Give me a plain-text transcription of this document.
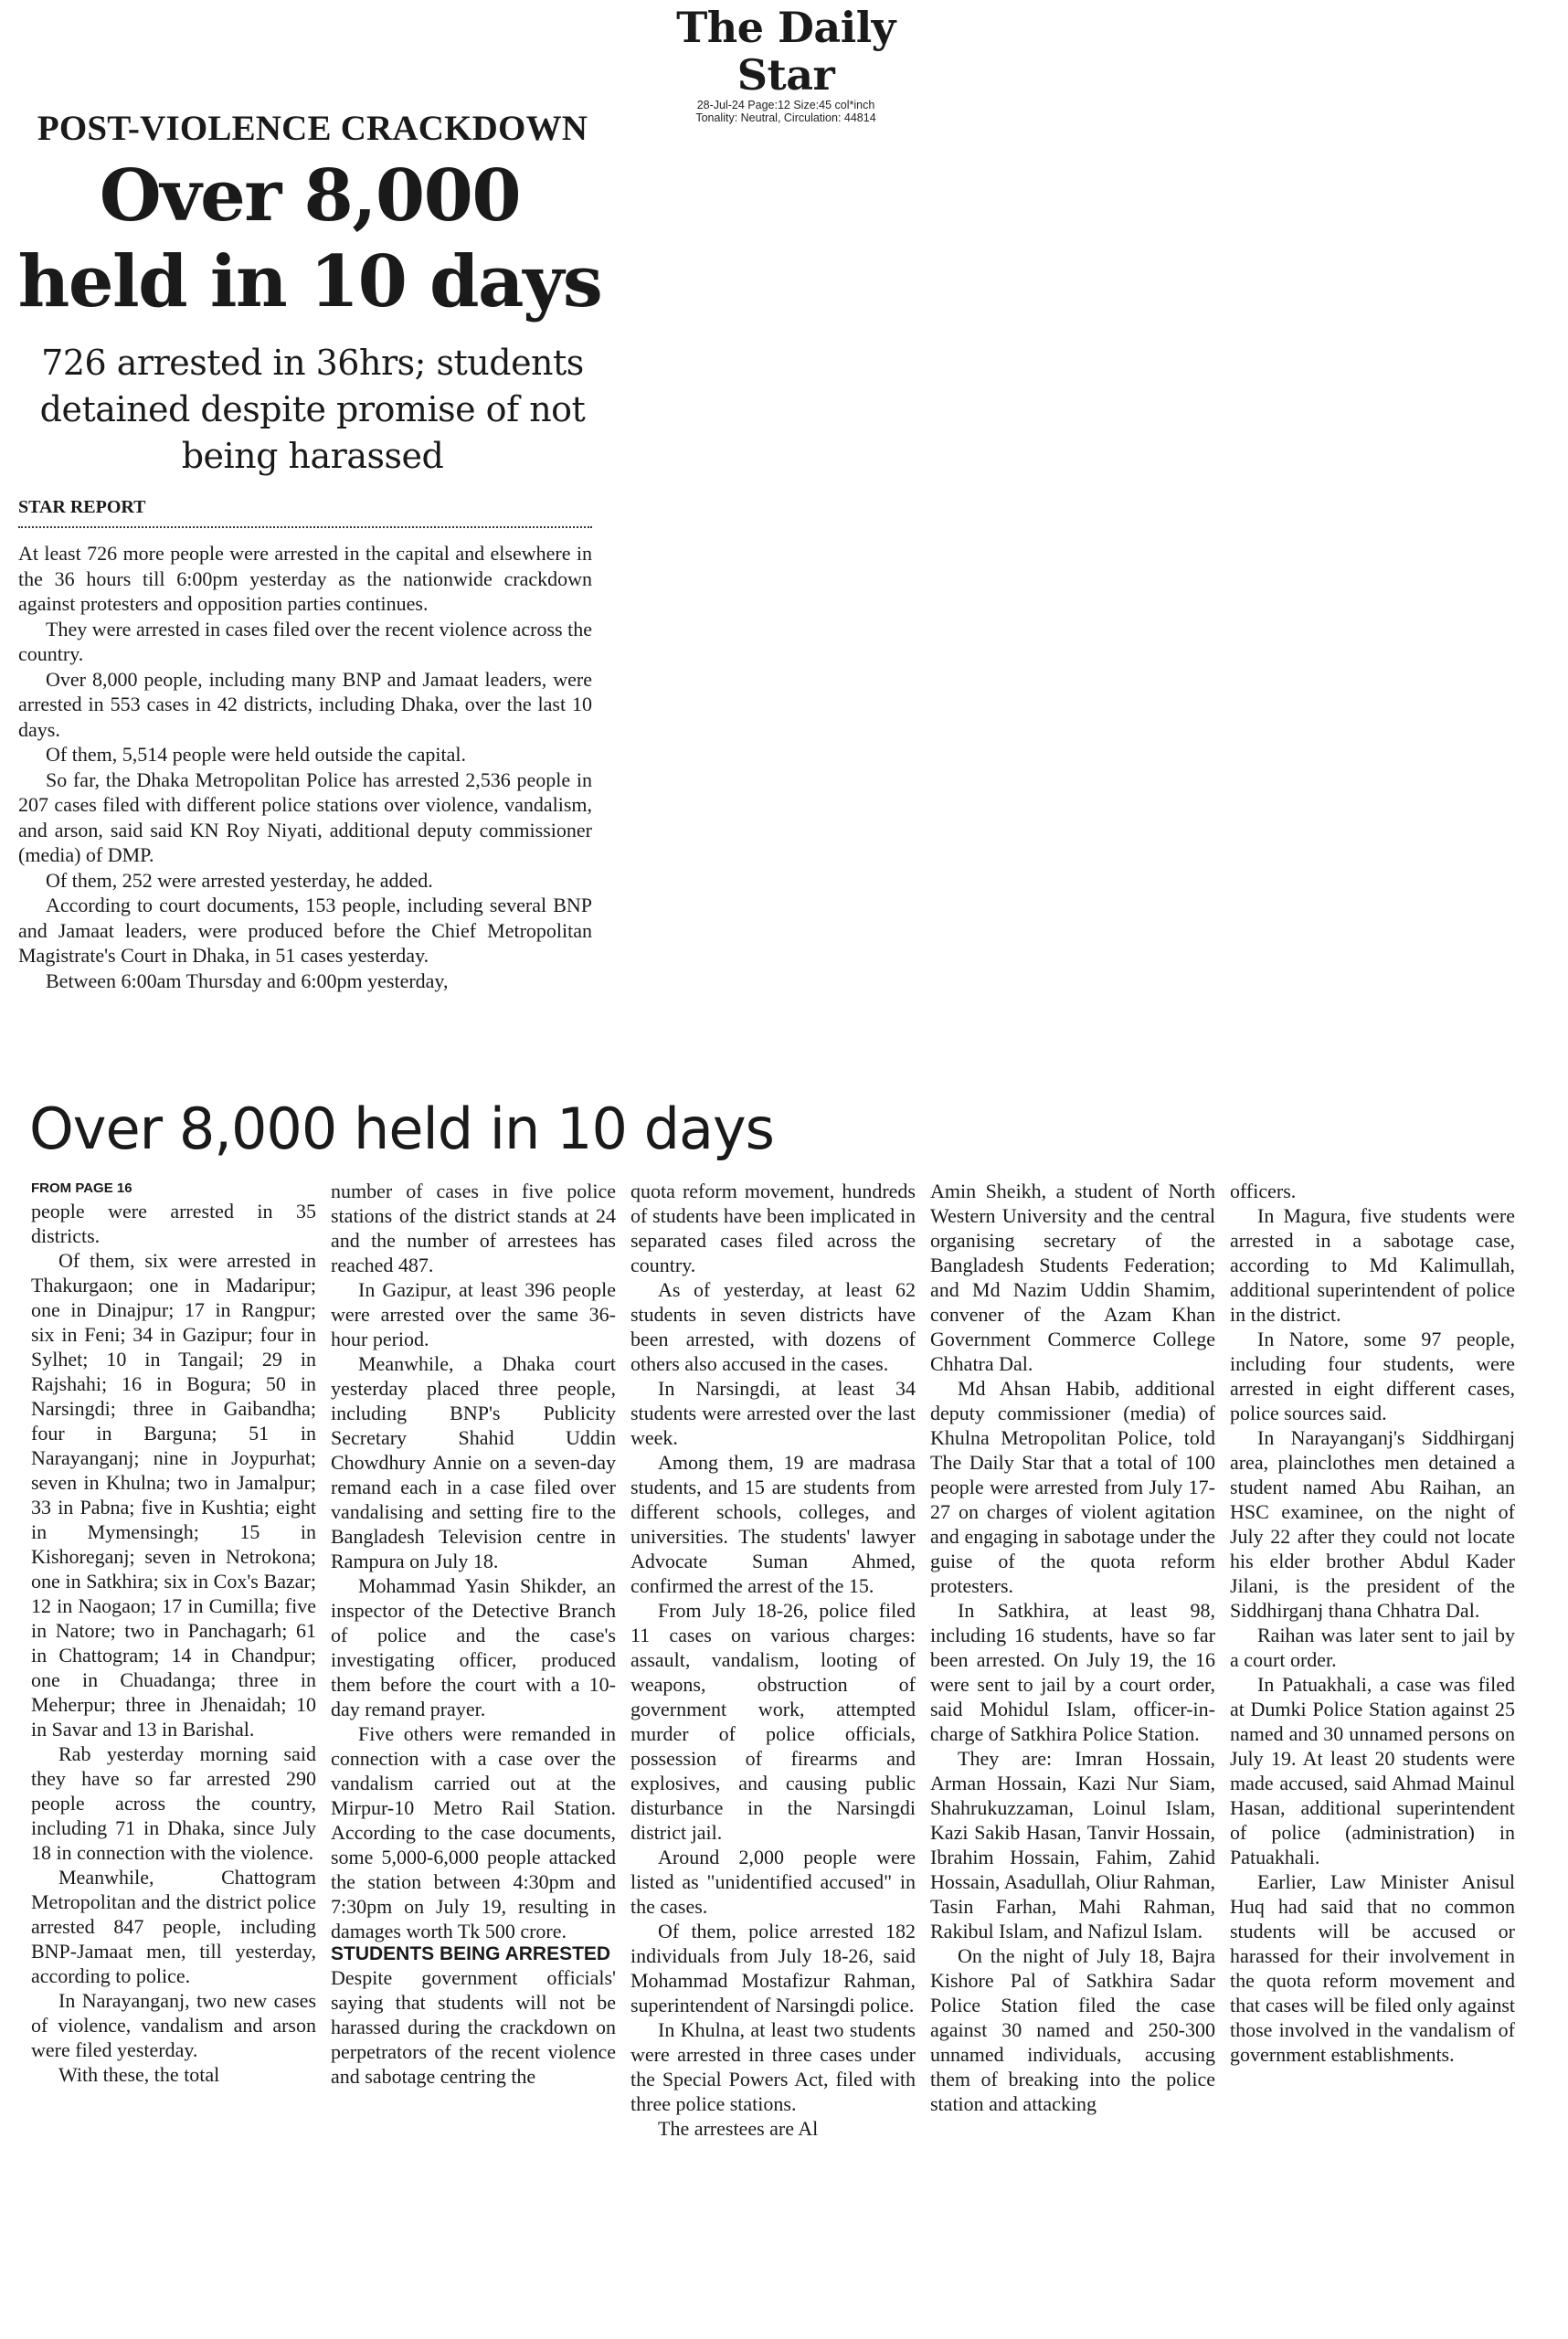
The Daily Star
28-Jul-24 Page:12 Size:45 col*inch
Tonality: Neutral, Circulation: 44814
POST-VIOLENCE CRACKDOWN
Over 8,000 held in 10 days
726 arrested in 36hrs; students detained despite promise of not being harassed
STAR REPORT

At least 726 more people were arrested in the capital and elsewhere in the 36 hours till 6:00pm yesterday as the nationwide crackdown against protesters and opposition parties continues.

They were arrested in cases filed over the recent violence across the country.

Over 8,000 people, including many BNP and Jamaat leaders, were arrested in 553 cases in 42 districts, including Dhaka, over the last 10 days.

Of them, 5,514 people were held outside the capital.

So far, the Dhaka Metropolitan Police has arrested 2,536 people in 207 cases filed with different police stations over violence, vandalism, and arson, said said KN Roy Niyati, additional deputy commissioner (media) of DMP.

Of them, 252 were arrested yesterday, he added.

According to court documents, 153 people, including several BNP and Jamaat leaders, were produced before the Chief Metropolitan Magistrate's Court in Dhaka, in 51 cases yesterday.

Between 6:00am Thursday and 6:00pm yesterday,

Over 8,000 held in 10 days
FROM PAGE 16

people were arrested in 35 districts.

Of them, six were arrested in Thakurgaon; one in Madaripur; one in Dinajpur; 17 in Rangpur; six in Feni; 34 in Gazipur; four in Sylhet; 10 in Tangail; 29 in Rajshahi; 16 in Bogura; 50 in Narsingdi; three in Gaibandha; four in Barguna; 51 in Narayanganj; nine in Joypurhat; seven in Khulna; two in Jamalpur; 33 in Pabna; five in Kushtia; eight in Mymensingh; 15 in Kishoreganj; seven in Netrokona; one in Satkhira; six in Cox's Bazar; 12 in Naogaon; 17 in Cumilla; five in Natore; two in Panchagarh; 61 in Chattogram; 14 in Chandpur; one in Chuadanga; three in Meherpur; three in Jhenaidah; 10 in Savar and 13 in Barishal.

Rab yesterday morning said they have so far arrested 290 people across the country, including 71 in Dhaka, since July 18 in connection with the violence.

Meanwhile, Chattogram Metropolitan and the district police arrested 847 people, including BNP-Jamaat men, till yesterday, according to police.

In Narayanganj, two new cases of violence, vandalism and arson were filed yesterday.

With these, the total

number of cases in five police stations of the district stands at 24 and the number of arrestees has reached 487.

In Gazipur, at least 396 people were arrested over the same 36-hour period.

Meanwhile, a Dhaka court yesterday placed three people, including BNP's Publicity Secretary Shahid Uddin Chowdhury Annie on a seven-day remand each in a case filed over vandalising and setting fire to the Bangladesh Television centre in Rampura on July 18.

Mohammad Yasin Shikder, an inspector of the Detective Branch of police and the case's investigating officer, produced them before the court with a 10-day remand prayer.

Five others were remanded in connection with a case over the vandalism carried out at the Mirpur-10 Metro Rail Station. According to the case documents, some 5,000-6,000 people attacked the station between 4:30pm and 7:30pm on July 19, resulting in damages worth Tk 500 crore.

STUDENTS BEING ARRESTED

Despite government officials' saying that students will not be harassed during the crackdown on perpetrators of the recent violence and sabotage centring the

quota reform movement, hundreds of students have been implicated in separated cases filed across the country.

As of yesterday, at least 62 students in seven districts have been arrested, with dozens of others also accused in the cases.

In Narsingdi, at least 34 students were arrested over the last week.

Among them, 19 are madrasa students, and 15 are students from different schools, colleges, and universities. The students' lawyer Advocate Suman Ahmed, confirmed the arrest of the 15.

From July 18-26, police filed 11 cases on various charges: assault, vandalism, looting of weapons, obstruction of government work, attempted murder of police officials, possession of firearms and explosives, and causing public disturbance in the Narsingdi district jail.

Around 2,000 people were listed as "unidentified accused" in the cases.

Of them, police arrested 182 individuals from July 18-26, said Mohammad Mostafizur Rahman, superintendent of Narsingdi police.

In Khulna, at least two students were arrested in three cases under the Special Powers Act, filed with three police stations.

The arrestees are Al

Amin Sheikh, a student of North Western University and the central organising secretary of the Bangladesh Students Federation; and Md Nazim Uddin Shamim, convener of the Azam Khan Government Commerce College Chhatra Dal.

Md Ahsan Habib, additional deputy commissioner (media) of Khulna Metropolitan Police, told The Daily Star that a total of 100 people were arrested from July 17-27 on charges of violent agitation and engaging in sabotage under the guise of the quota reform protesters.

In Satkhira, at least 98, including 16 students, have so far been arrested. On July 19, the 16 were sent to jail by a court order, said Mohidul Islam, officer-in-charge of Satkhira Police Station.

They are: Imran Hossain, Arman Hossain, Kazi Nur Siam, Shahrukuzzaman, Loinul Islam, Kazi Sakib Hasan, Tanvir Hossain, Ibrahim Hossain, Fahim, Zahid Hossain, Asadullah, Oliur Rahman, Tasin Farhan, Mahi Rahman, Rakibul Islam, and Nafizul Islam.

On the night of July 18, Bajra Kishore Pal of Satkhira Sadar Police Station filed the case against 30 named and 250-300 unnamed individuals, accusing them of breaking into the police station and attacking

officers.

In Magura, five students were arrested in a sabotage case, according to Md Kalimullah, additional superintendent of police in the district.

In Natore, some 97 people, including four students, were arrested in eight different cases, police sources said.

In Narayanganj's Siddhirganj area, plainclothes men detained a student named Abu Raihan, an HSC examinee, on the night of July 22 after they could not locate his elder brother Abdul Kader Jilani, is the president of the Siddhirganj thana Chhatra Dal.

Raihan was later sent to jail by a court order.

In Patuakhali, a case was filed at Dumki Police Station against 25 named and 30 unnamed persons on July 19. At least 20 students were made accused, said Ahmad Mainul Hasan, additional superintendent of police (administration) in Patuakhali.

Earlier, Law Minister Anisul Huq had said that no common students will be accused or harassed for their involvement in the quota reform movement and that cases will be filed only against those involved in the vandalism of government establishments.
